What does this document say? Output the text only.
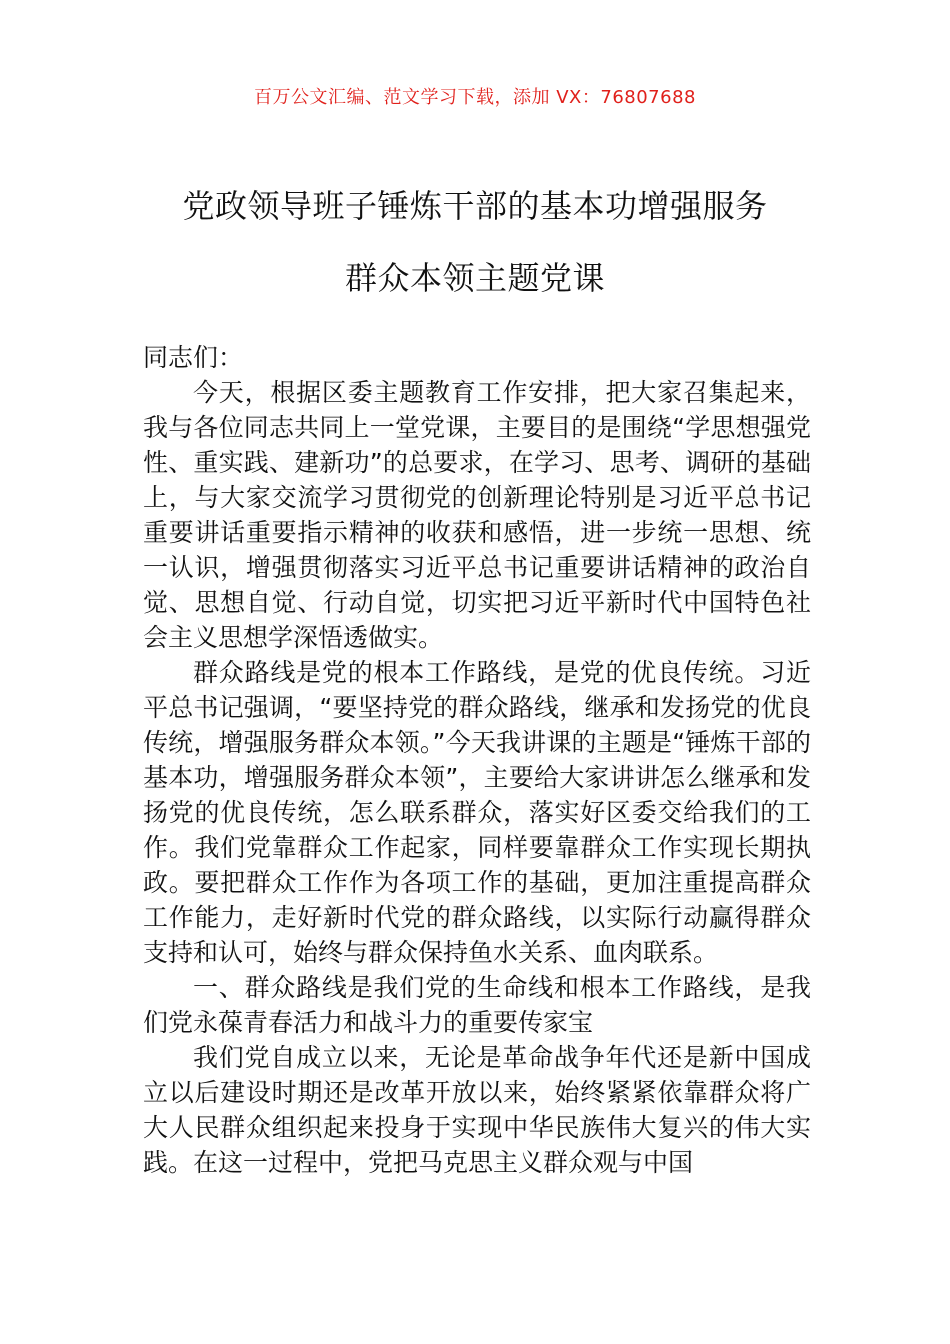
百万公文汇编、范文学习下载，添加 VX：76807688
党政领导班子锤炼干部的基本功增强服务
群众本领主题党课

同志们：

今天，根据区委主题教育工作安排，把大家召集起来，我与各位同志共同上一堂党课，主要目的是围绕“学思想强党性、重实践、建新功”的总要求，在学习、思考、调研的基础上，与大家交流学习贯彻党的创新理论特别是习近平总书记重要讲话重要指示精神的收获和感悟，进一步统一思想、统一认识，增强贯彻落实习近平总书记重要讲话精神的政治自觉、思想自觉、行动自觉，切实把习近平新时代中国特色社会主义思想学深悟透做实。

群众路线是党的根本工作路线，是党的优良传统。习近平总书记强调，“要坚持党的群众路线，继承和发扬党的优良传统，增强服务群众本领。”今天我讲课的主题是“锤炼干部的基本功，增强服务群众本领”，主要给大家讲讲怎么继承和发扬党的优良传统，怎么联系群众，落实好区委交给我们的工作。我们党靠群众工作起家，同样要靠群众工作实现长期执政。要把群众工作作为各项工作的基础，更加注重提高群众工作能力，走好新时代党的群众路线，以实际行动赢得群众支持和认可，始终与群众保持鱼水关系、血肉联系。

一、群众路线是我们党的生命线和根本工作路线，是我们党永葆青春活力和战斗力的重要传家宝

我们党自成立以来，无论是革命战争年代还是新中国成立以后建设时期还是改革开放以来，始终紧紧依靠群众将广大人民群众组织起来投身于实现中华民族伟大复兴的伟大实践。在这一过程中，党把马克思主义群众观与中国
